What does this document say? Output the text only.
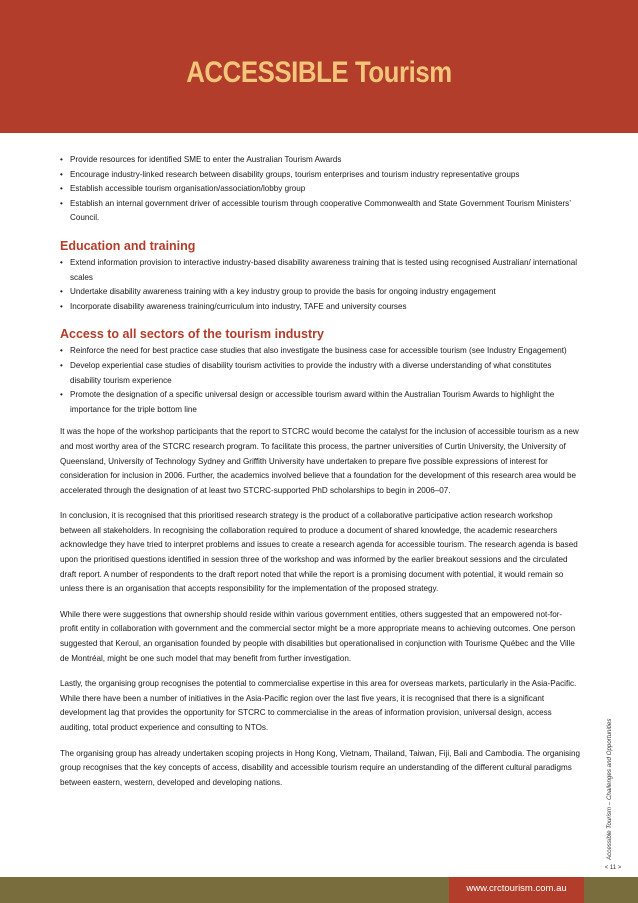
ACCESSIBLE Tourism
• Provide resources for identified SME to enter the Australian Tourism Awards
• Encourage industry-linked research between disability groups, tourism enterprises and tourism industry representative groups
• Establish accessible tourism organisation/association/lobby group
• Establish an internal government driver of accessible tourism through cooperative Commonwealth and State Government Tourism Ministers’ Council.
Education and training
• Extend information provision to interactive industry-based disability awareness training that is tested using recognised Australian/ international scales
• Undertake disability awareness training with a key industry group to provide the basis for ongoing industry engagement
• Incorporate disability awareness training/curriculum into industry, TAFE and university courses
Access to all sectors of the tourism industry
• Reinforce the need for best practice case studies that also investigate the business case for accessible tourism (see Industry Engagement)
• Develop experiential case studies of disability tourism activities to provide the industry with a diverse understanding of what constitutes disability tourism experience
• Promote the designation of a specific universal design or accessible tourism award within the Australian Tourism Awards to highlight the importance for the triple bottom line

It was the hope of the workshop participants that the report to STCRC would become the catalyst for the inclusion of accessible tourism as a new and most worthy area of the STCRC research program. To facilitate this process, the partner universities of Curtin University, the University of Queensland, University of Technology Sydney and Griffith University have undertaken to prepare five possible expressions of interest for consideration for inclusion in 2006. Further, the academics involved believe that a foundation for the development of this research area would be accelerated through the designation of at least two STCRC-supported PhD scholarships to begin in 2006–07.

In conclusion, it is recognised that this prioritised research strategy is the product of a collaborative participative action research workshop between all stakeholders. In recognising the collaboration required to produce a document of shared knowledge, the academic researchers acknowledge they have tried to interpret problems and issues to create a research agenda for accessible tourism. The research agenda is based upon the prioritised questions identified in session three of the workshop and was informed by the earlier breakout sessions and the circulated draft report. A number of respondents to the draft report noted that while the report is a promising document with potential, it would remain so unless there is an organisation that accepts responsibility for the implementation of the proposed strategy.

While there were suggestions that ownership should reside within various government entities, others suggested that an empowered not-for-profit entity in collaboration with government and the commercial sector might be a more appropriate means to achieving outcomes. One person suggested that Keroul, an organisation founded by people with disabilities but operationalised in conjunction with Tourisme Québec and the Ville de Montréal, might be one such model that may benefit from further investigation.

Lastly, the organising group recognises the potential to commercialise expertise in this area for overseas markets, particularly in the Asia-Pacific. While there have been a number of initiatives in the Asia-Pacific region over the last five years, it is recognised that there is a significant development lag that provides the opportunity for STCRC to commercialise in the areas of information provision, universal design, access auditing, total product experience and consulting to NTOs.

The organising group has already undertaken scoping projects in Hong Kong, Vietnam, Thailand, Taiwan, Fiji, Bali and Cambodia. The organising group recognises that the key concepts of access, disability and accessible tourism require an understanding of the different cultural paradigms between eastern, western, developed and developing nations.	Accessible Tourism – Challenges and Opportunities
< 11 >
www.crctourism.com.au
